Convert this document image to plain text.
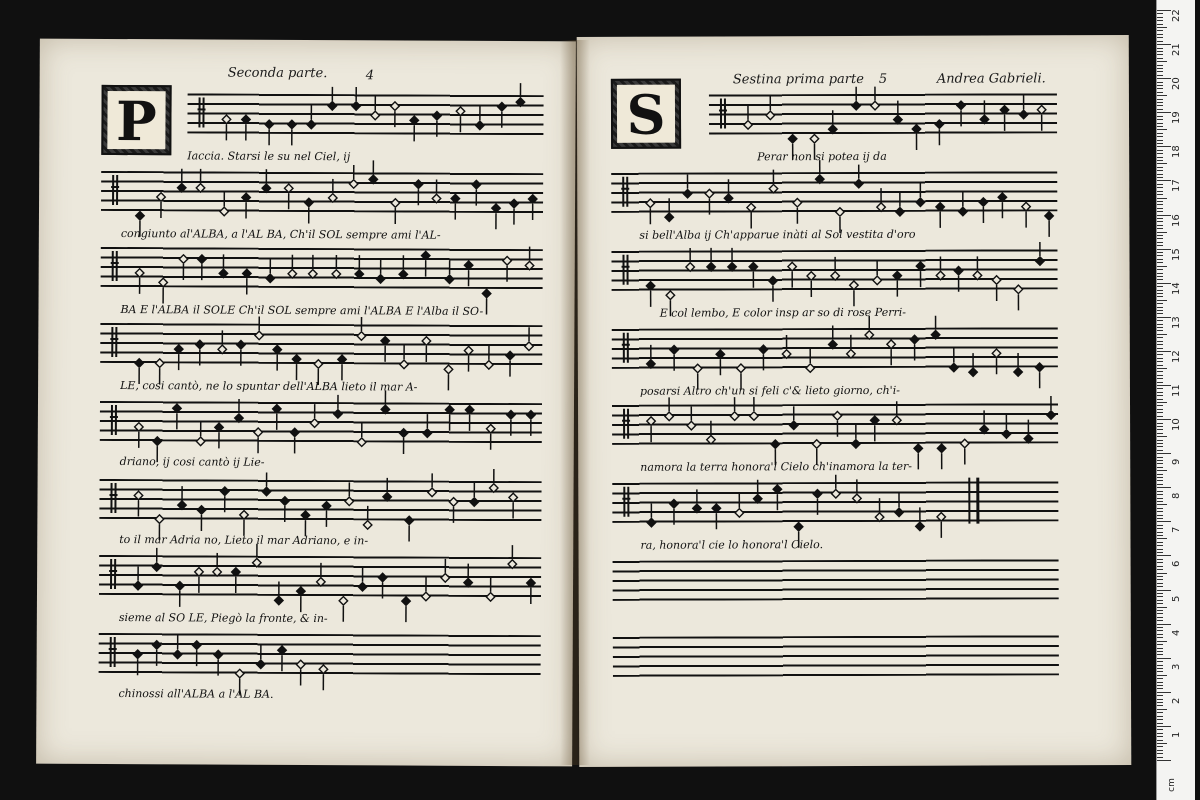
Seconda parte.	4
P
Iaccia. Starsi le su nel Ciel, ij
congiunto al'ALBA, a l'AL BA, Ch'il SOL sempre ami l'AL-
BA E l'ALBA il SOLE Ch'il SOL sempre ami l'ALBA E l'Alba il SO-
LE, cosi cantò, ne lo spuntar dell'ALBA lieto il mar A-
driano, ij cosi cantò ij Lie-
to il mar Adria no, Lieto il mar Adriano, e in-
sieme al SO LE, Piegò la fronte, & in-
chinossi all'ALBA a l'AL BA.
Sestina prima parte 5	Andrea Gabrieli.
S
Perar non si potea ij da
si bell'Alba ij Ch'apparue inàti al Sol vestita d'oro
E col lembo, E color insp ar so di rose Perri-
posarsi Altro ch'un si feli c'& lieto giorno, ch'i-
namora la terra honora'l Cielo ch'inamora la ter-
ra, honora'l cie lo honora'l Cielo.
1
2
3
4
5
6
7
8
9
10
11
12
13
14
15
16
17
18
19
20
21
22
cm
